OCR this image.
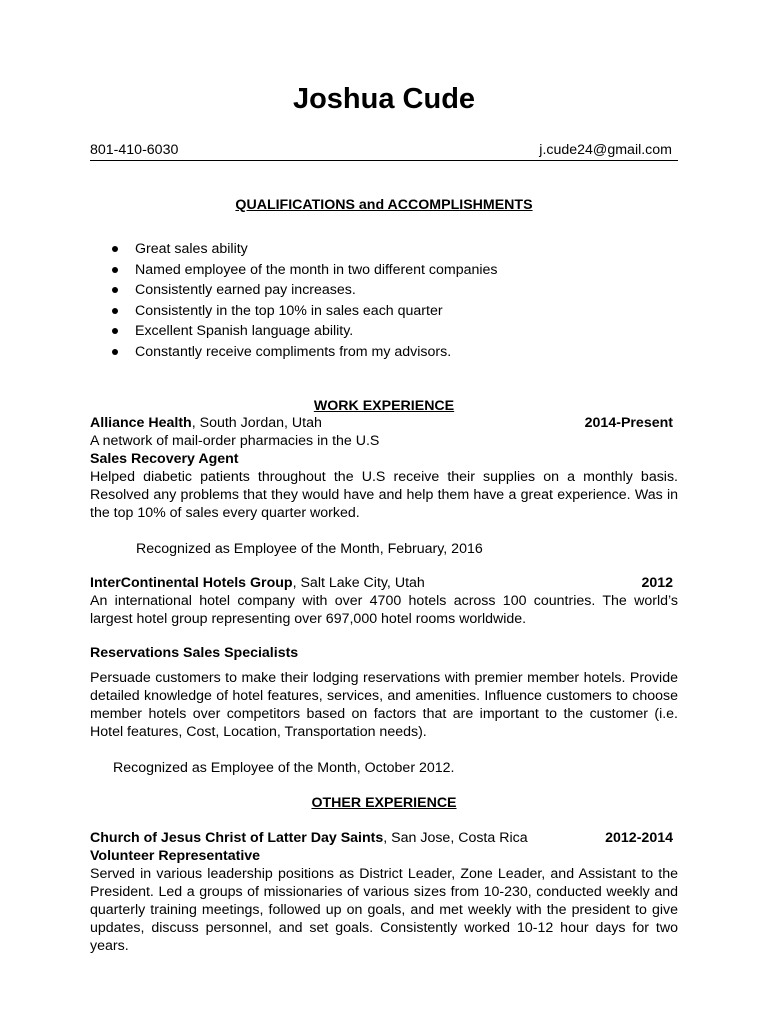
Joshua Cude
801-410-6030	j.cude24@gmail.com
QUALIFICATIONS and ACCOMPLISHMENTS
Great sales ability
Named employee of the month in two different companies
Consistently earned pay increases.
Consistently in the top 10% in sales each quarter
Excellent Spanish language ability.
Constantly receive compliments from my advisors.
WORK EXPERIENCE
Alliance Health, South Jordan, Utah	2014-Present
A network of mail-order pharmacies in the U.S
Sales Recovery Agent
Helped diabetic patients throughout the U.S receive their supplies on a monthly basis. Resolved any problems that they would have and help them have a great experience. Was in the top 10% of sales every quarter worked.
Recognized as Employee of the Month, February, 2016
InterContinental Hotels Group, Salt Lake City, Utah	2012
An international hotel company with over 4700 hotels across 100 countries. The world’s largest hotel group representing over 697,000 hotel rooms worldwide.
Reservations Sales Specialists
Persuade customers to make their lodging reservations with premier member hotels. Provide detailed knowledge of hotel features, services, and amenities. Influence customers to choose member hotels over competitors based on factors that are important to the customer (i.e. Hotel features, Cost, Location, Transportation needs).
Recognized as Employee of the Month, October 2012.
OTHER EXPERIENCE
Church of Jesus Christ of Latter Day Saints, San Jose, Costa Rica	2012-2014
Volunteer Representative
Served in various leadership positions as District Leader, Zone Leader, and Assistant to the President. Led a groups of missionaries of various sizes from 10-230, conducted weekly and quarterly training meetings, followed up on goals, and met weekly with the president to give updates, discuss personnel, and set goals. Consistently worked 10-12 hour days for two years.
